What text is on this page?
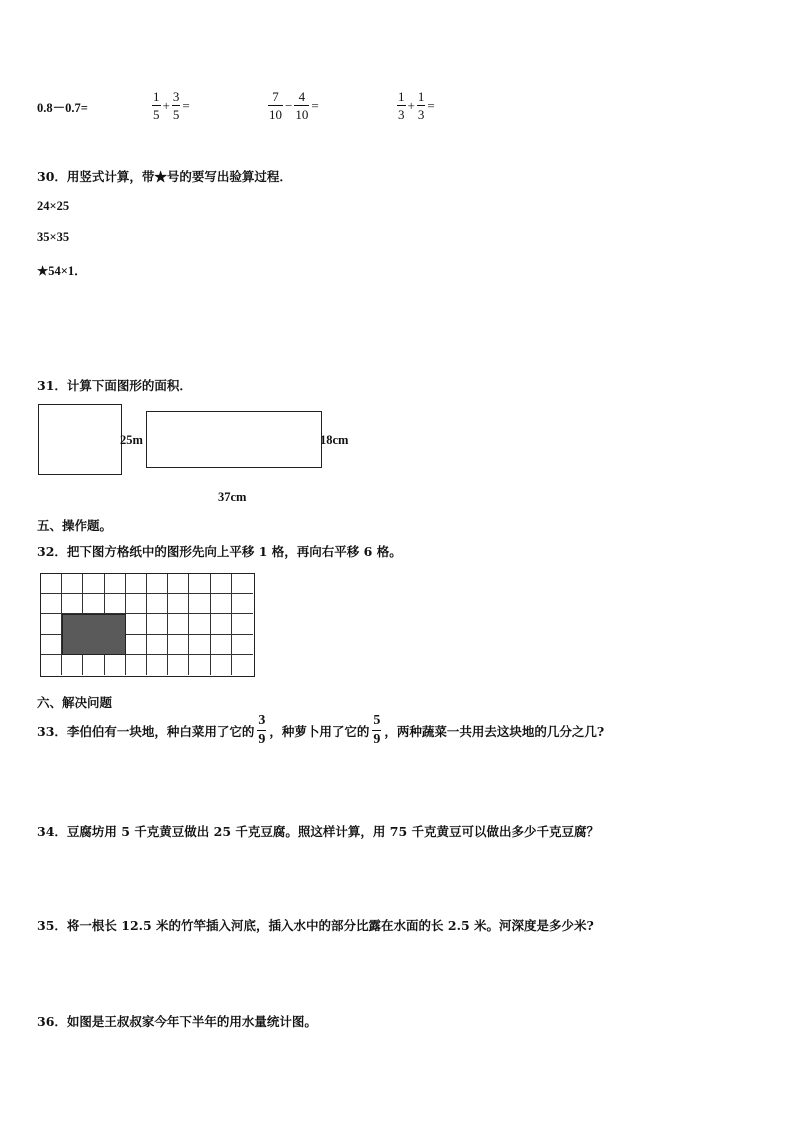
0.8－0.7=	$\frac{1}{5} + \frac{3}{5}$ =	$\frac{7}{10} - \frac{4}{10}$ =	$\frac{1}{3} + \frac{1}{3}$ =
30．用竖式计算，带★号的要写出验算过程．
24×25
35×35
★54×1．
31．计算下面图形的面积．
25m	18cm
37cm
五、操作题。
32．把下图方格纸中的图形先向上平移 1 格，再向右平移 6 格。
六、解决问题
33．李伯伯有一块地，种白菜用了它的 $\frac{3}{9}$ ，种萝卜用了它的 $\frac{5}{9}$ ，两种蔬菜一共用去这块地的几分之几?
34．豆腐坊用 5 千克黄豆做出 25 千克豆腐。照这样计算，用 75 千克黄豆可以做出多少千克豆腐？
35．将一根长 12.5 米的竹竿插入河底，插入水中的部分比露在水面的长 2.5 米。河深度是多少米?
36．如图是王叔叔家今年下半年的用水量统计图。
